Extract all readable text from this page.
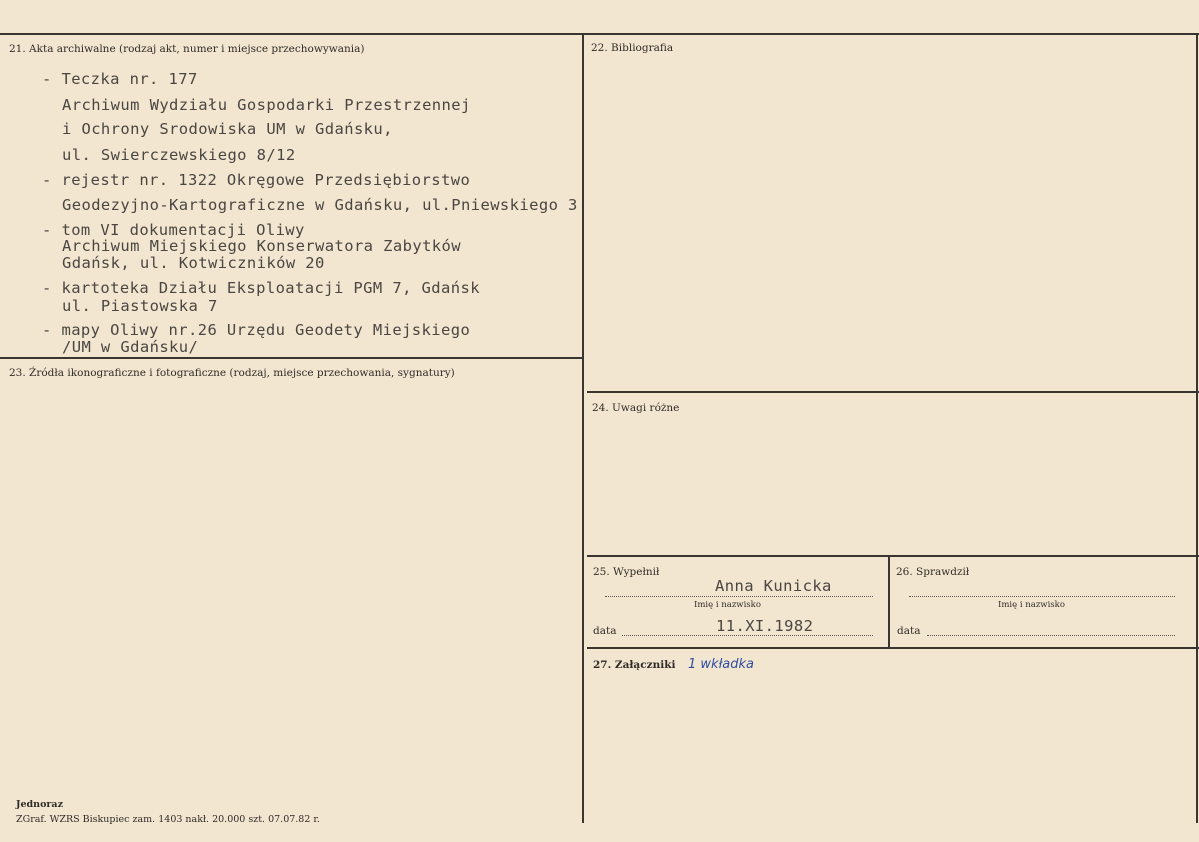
21. Akta archiwalne (rodzaj akt, numer i miejsce przechowywania)
- Teczka nr. 177
Archiwum Wydziału Gospodarki Przestrzennej
i Ochrony Srodowiska UM w Gdańsku,
ul. Swierczewskiego 8/12
- rejestr nr. 1322 Okręgowe Przedsiębiorstwo
Geodezyjno-Kartograficzne w Gdańsku, ul.Pniewskiego 3
- tom VI dokumentacji Oliwy
Archiwum Miejskiego Konserwatora Zabytków
Gdańsk, ul. Kotwiczników 20
- kartoteka Działu Eksploatacji PGM 7, Gdańsk
ul. Piastowska 7
- mapy Oliwy nr.26 Urzędu Geodety Miejskiego
/UM w Gdańsku/
22. Bibliografia
23. Źródła ikonograficzne i fotograficzne (rodzaj, miejsce przechowania, sygnatury)
24. Uwagi różne
25. Wypełnił
Anna Kunicka
Imię i nazwisko
data	11.XI.1982
26. Sprawdził
Imię i nazwisko
data
27. Załączniki 1 wkładka
Jednoraz
ZGraf. WZRS Biskupiec zam. 1403 nakł. 20.000 szt. 07.07.82 r.
